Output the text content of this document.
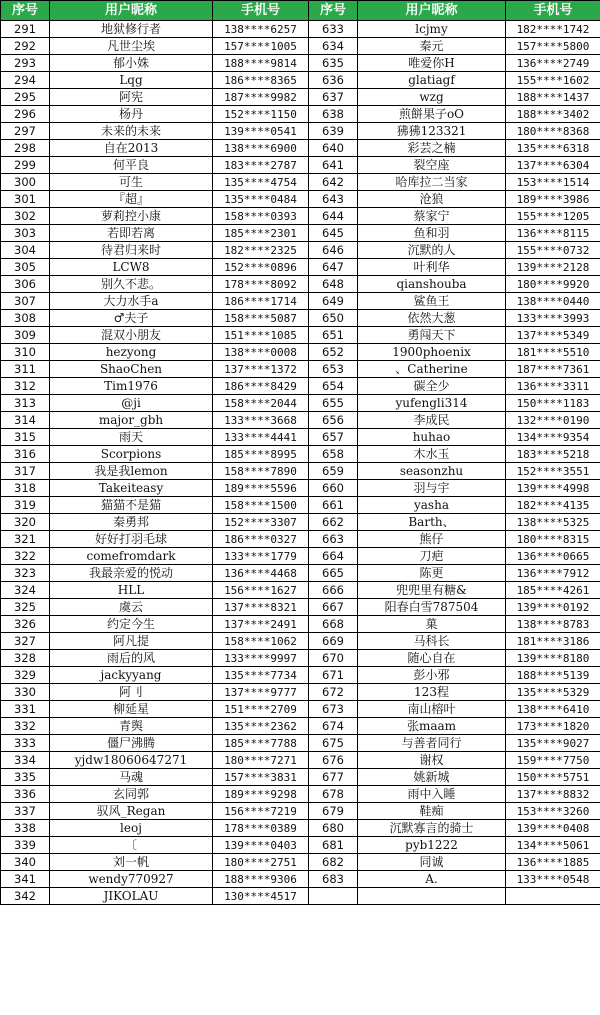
序号	用户昵称	手机号	序号	用户昵称	手机号
291	地狱修行者	138****6257	633	lcjmy	182****1742
292	凡世尘埃	157****1005	634	秦元	157****5800
293	郁小姝	188****9814	635	唯爱你H	136****2749
294	Lqg	186****8365	636	glatiagf	155****1602
295	阿宪	187****9982	637	wzg	188****1437
296	杨丹	152****1150	638	煎餅果子oO	188****3402
297	未来的未来	139****0541	639	狒狒123321	180****8368
298	自在2013	138****6900	640	彩芸之楠	135****6318
299	何平良	183****2787	641	裂空座	137****6304
300	可生	135****4754	642	哈库拉二当家	153****1514
301	『超』	135****0484	643	沧狼	189****3986
302	萝莉控小康	158****0393	644	蔡家宁	155****1205
303	若即若离	185****2301	645	鱼和羽	136****8115
304	待君归来时	182****2325	646	沉默的人	155****0732
305	LCW8	152****0896	647	叶利华	139****2128
306	别久不悲。	178****8092	648	qianshouba	180****9920
307	大力水手a	186****1714	649	鲨鱼王	138****0440
308	♂夫子	158****5087	650	依然大葱	133****3993
309	混双小朋友	151****1085	651	勇闯天下	137****5349
310	hezyong	138****0008	652	1900phoenix	181****5510
311	ShaoChen	137****1372	653	、Catherine	187****7361
312	Tim1976	186****8429	654	碳全少	136****3311
313	@ji	158****2044	655	yufengli314	150****1183
314	major_gbh	133****3668	656	李成民	132****0190
315	雨天	133****4441	657	huhao	134****9354
316	Scorpions	185****8995	658	木水玉	183****5218
317	我是我lemon	158****7890	659	seasonzhu	152****3551
318	Takeiteasy	189****5596	660	羽与宇	139****4998
319	猫猫不是猫	158****1500	661	yasha	182****4135
320	秦勇邦	152****3307	662	Barth、	138****5325
321	好好打羽毛球	186****0327	663	熊仔	180****8315
322	comefromdark	133****1779	664	刀疤	136****0665
323	我最亲爱的悦动	136****4468	665	陈更	136****7912
324	HLL	156****1627	666	兜兜里有糖&	185****4261
325	虞云	137****8321	667	阳春白雪787504	139****0192
326	约定今生	137****2491	668	菓	138****8783
327	阿凡提	158****1062	669	马科长	181****3186
328	雨后的风	133****9997	670	随心自在	139****8180
329	jackyyang	135****7734	671	彭小邪	188****5139
330	阿刂	137****9777	672	123程	135****5329
331	柳延星	151****2709	673	南山榕叶	138****6410
332	青舆	135****2362	674	张maam	173****1820
333	僵尸沸腾	185****7788	675	与善者同行	135****9027
334	yjdw18060647271	180****7271	676	谢权	159****7750
335	马魂	157****3831	677	姚新城	150****5751
336	玄同郭	189****9298	678	雨中入睡	137****8832
337	驭风_Regan	156****7219	679	鞋痴	153****3260
338	leoj	178****0389	680	沉默寡言的骑士	139****0408
339	〔	139****0403	681	pyb1222	134****5061
340	刘一帆	180****2751	682	同诚	136****1885
341	wendy770927	188****9306	683	A.	133****0548
342	JIKOLAU	130****4517			
